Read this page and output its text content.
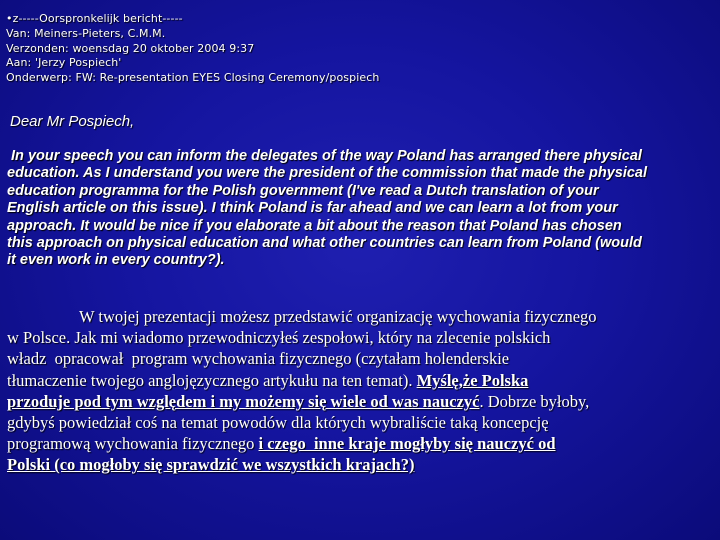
•z-----Oorspronkelijk bericht-----
Van: Meiners-Pieters, C.M.M.
Verzonden: woensdag 20 oktober 2004 9:37
Aan: 'Jerzy Pospiech'
Onderwerp: FW: Re-presentation EYES Closing Ceremony/pospiech
Dear Mr Pospiech,
In your speech you can inform the delegates of the way Poland has arranged there physical
education. As I understand you were the president of the commission that made the physical
education programma for the Polish government (I've read a Dutch translation of your
English article on this issue). I think Poland is far ahead and we can learn a lot from your
approach. It would be nice if you elaborate a bit about the reason that Poland has chosen
this approach on physical education and what other countries can learn from Poland (would
it even work in every country?).
W twojej prezentacji możesz przedstawić organizację wychowania fizycznego
w Polsce. Jak mi wiadomo przewodniczyłeś zespołowi, który na zlecenie polskich
władz  opracował  program wychowania fizycznego (czytałam holenderskie
tłumaczenie twojego anglojęzycznego artykułu na ten temat). Myślę,że Polska
przoduje pod tym względem i my możemy się wiele od was nauczyć. Dobrze byłoby,
gdybyś powiedział coś na temat powodów dla których wybraliście taką koncepcję
programową wychowania fizycznego i czego  inne kraje mogłyby się nauczyć od
Polski (co mogłoby się sprawdzić we wszystkich krajach?)
